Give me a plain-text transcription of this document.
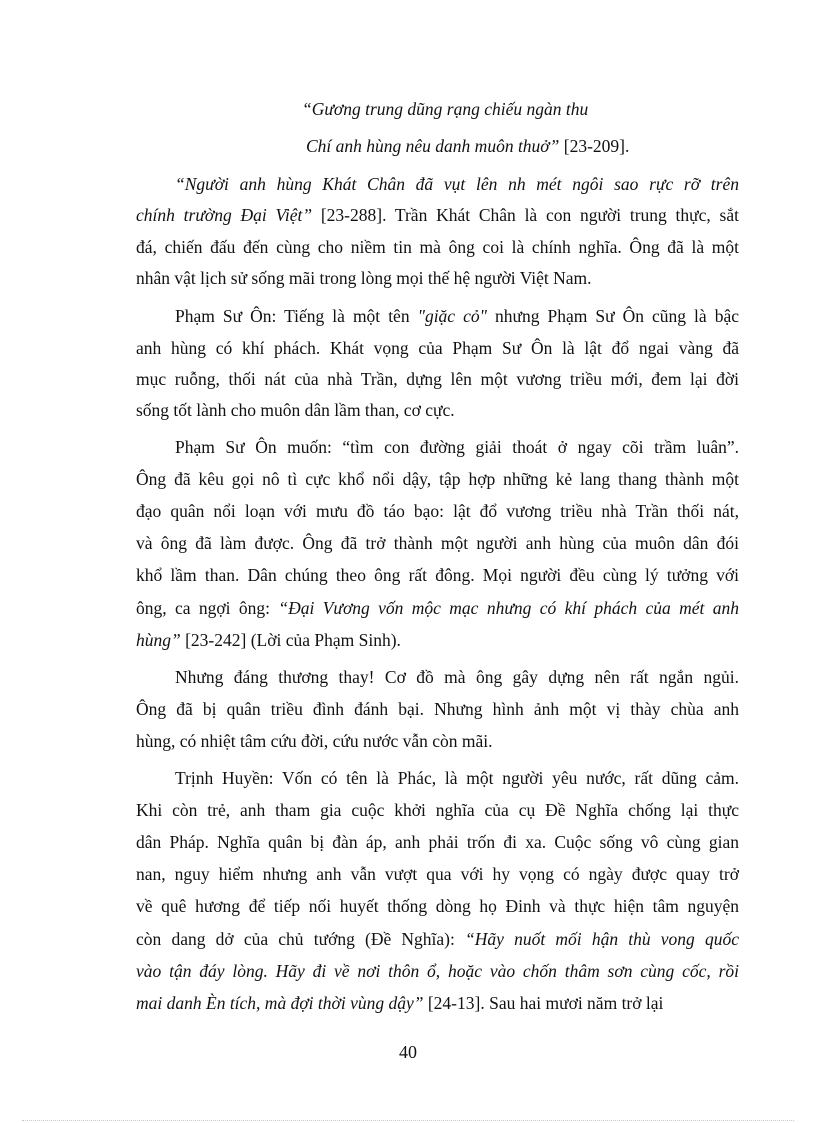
“Gương trung dũng rạng chiếu ngàn thu
Chí anh hùng nêu danh muôn thuở” [23-209].
“Người anh hùng Khát Chân đã vụt lên nh mét ngôi sao rực rỡ trên
chính trường Đại Việt” [23-288]. Trần Khát Chân là con người trung thực, sắt
đá, chiến đấu đến cùng cho niềm tin mà ông coi là chính nghĩa. Ông đã là một
nhân vật lịch sử sống mãi trong lòng mọi thế hệ người Việt Nam.
Phạm Sư Ôn: Tiếng là một tên "giặc cỏ" nhưng Phạm Sư Ôn cũng là bậc
anh hùng có khí phách. Khát vọng của Phạm Sư Ôn là lật đổ ngai vàng đã
mục ruỗng, thối nát của nhà Trần, dựng lên một vương triều mới, đem lại đời
sống tốt lành cho muôn dân lầm than, cơ cực.
Phạm Sư Ôn muốn: “tìm con đường giải thoát ở ngay cõi trầm luân”.
Ông đã kêu gọi nô tì cực khổ nổi dậy, tập hợp những kẻ lang thang thành một
đạo quân nổi loạn với mưu đồ táo bạo: lật đổ vương triều nhà Trần thối nát,
và ông đã làm được. Ông đã trở thành một người anh hùng của muôn dân đói
khổ lầm than. Dân chúng theo ông rất đông. Mọi người đều cùng lý tưởng với
ông, ca ngợi ông: “Đại Vương vốn mộc mạc nhưng có khí phách của mét anh
hùng” [23-242] (Lời của Phạm Sinh).
Nhưng đáng thương thay! Cơ đồ mà ông gây dựng nên rất ngắn ngủi.
Ông đã bị quân triều đình đánh bại. Nhưng hình ảnh một vị thày chùa anh
hùng, có nhiệt tâm cứu đời, cứu nước vẫn còn mãi.
Trịnh Huyền: Vốn có tên là Phác, là một người yêu nước, rất dũng cảm.
Khi còn trẻ, anh tham gia cuộc khởi nghĩa của cụ Đề Nghĩa chống lại thực
dân Pháp. Nghĩa quân bị đàn áp, anh phải trốn đi xa. Cuộc sống vô cùng gian
nan, nguy hiểm nhưng anh vẫn vượt qua với hy vọng có ngày được quay trở
về quê hương để tiếp nối huyết thống dòng họ Đinh và thực hiện tâm nguyện
còn dang dở của chủ tướng (Đề Nghĩa): “Hãy nuốt mối hận thù vong quốc
vào tận đáy lòng. Hãy đi về nơi thôn ổ, hoặc vào chốn thâm sơn cùng cốc, rồi
mai danh Èn tích, mà đợi thời vùng dậy” [24-13]. Sau hai mươi năm trở lại
40
